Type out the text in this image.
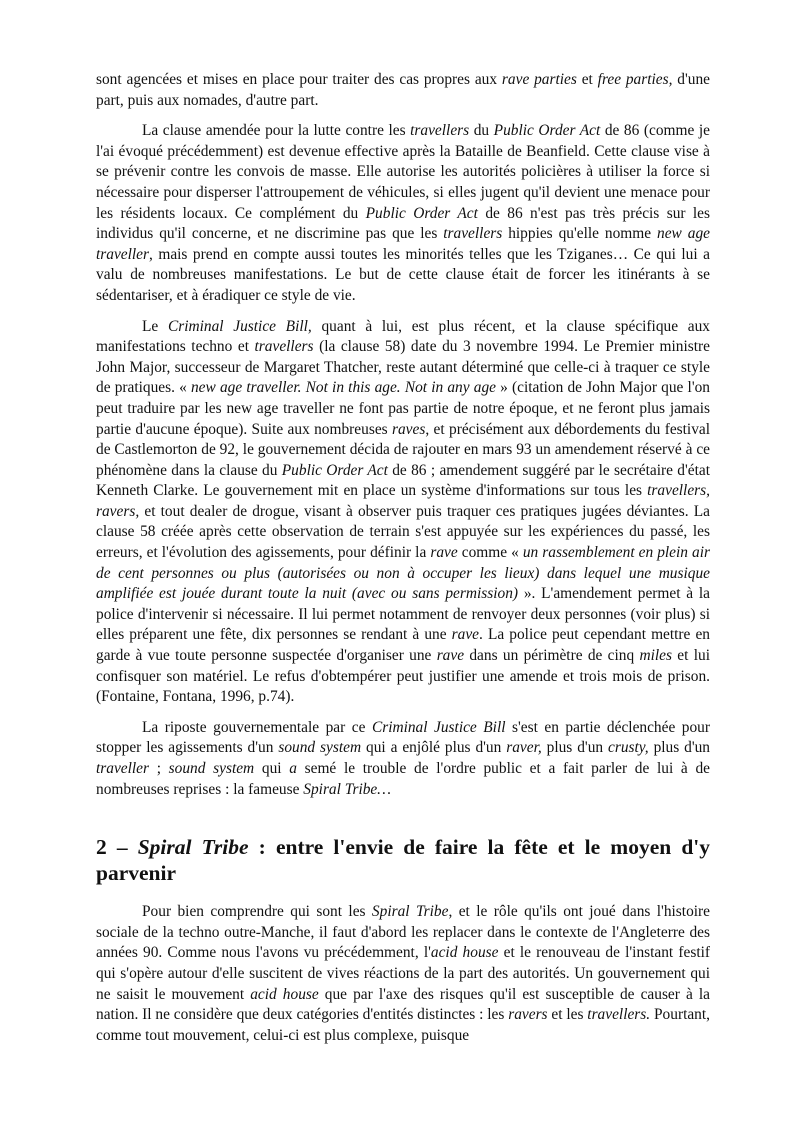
sont agencées et mises en place pour traiter des cas propres aux rave parties et free parties, d'une part, puis aux nomades, d'autre part.

La clause amendée pour la lutte contre les travellers du Public Order Act de 86 (comme je l'ai évoqué précédemment) est devenue effective après la Bataille de Beanfield. Cette clause vise à se prévenir contre les convois de masse. Elle autorise les autorités policières à utiliser la force si nécessaire pour disperser l'attroupement de véhicules, si elles jugent qu'il devient une menace pour les résidents locaux. Ce complément du Public Order Act de 86 n'est pas très précis sur les individus qu'il concerne, et ne discrimine pas que les travellers hippies qu'elle nomme new age traveller, mais prend en compte aussi toutes les minorités telles que les Tziganes… Ce qui lui a valu de nombreuses manifestations. Le but de cette clause était de forcer les itinérants à se sédentariser, et à éradiquer ce style de vie.

Le Criminal Justice Bill, quant à lui, est plus récent, et la clause spécifique aux manifestations techno et travellers (la clause 58) date du 3 novembre 1994. Le Premier ministre John Major, successeur de Margaret Thatcher, reste autant déterminé que celle-ci à traquer ce style de pratiques. « new age traveller. Not in this age. Not in any age » (citation de John Major que l'on peut traduire par les new age traveller ne font pas partie de notre époque, et ne feront plus jamais partie d'aucune époque). Suite aux nombreuses raves, et précisément aux débordements du festival de Castlemorton de 92, le gouvernement décida de rajouter en mars 93 un amendement réservé à ce phénomène dans la clause du Public Order Act de 86 ; amendement suggéré par le secrétaire d'état Kenneth Clarke. Le gouvernement mit en place un système d'informations sur tous les travellers, ravers, et tout dealer de drogue, visant à observer puis traquer ces pratiques jugées déviantes. La clause 58 créée après cette observation de terrain s'est appuyée sur les expériences du passé, les erreurs, et l'évolution des agissements, pour définir la rave comme « un rassemblement en plein air de cent personnes ou plus (autorisées ou non à occuper les lieux) dans lequel une musique amplifiée est jouée durant toute la nuit (avec ou sans permission) ». L'amendement permet à la police d'intervenir si nécessaire. Il lui permet notamment de renvoyer deux personnes (voir plus) si elles préparent une fête, dix personnes se rendant à une rave. La police peut cependant mettre en garde à vue toute personne suspectée d'organiser une rave dans un périmètre de cinq miles et lui confisquer son matériel. Le refus d'obtempérer peut justifier une amende et trois mois de prison. (Fontaine, Fontana, 1996, p.74).

La riposte gouvernementale par ce Criminal Justice Bill s'est en partie déclenchée pour stopper les agissements d'un sound system qui a enjôlé plus d'un raver, plus d'un crusty, plus d'un traveller ; sound system qui a semé le trouble de l'ordre public et a fait parler de lui à de nombreuses reprises : la fameuse Spiral Tribe…

2 – Spiral Tribe : entre l'envie de faire la fête et le moyen d'y parvenir

Pour bien comprendre qui sont les Spiral Tribe, et le rôle qu'ils ont joué dans l'histoire sociale de la techno outre-Manche, il faut d'abord les replacer dans le contexte de l'Angleterre des années 90. Comme nous l'avons vu précédemment, l'acid house et le renouveau de l'instant festif qui s'opère autour d'elle suscitent de vives réactions de la part des autorités. Un gouvernement qui ne saisit le mouvement acid house que par l'axe des risques qu'il est susceptible de causer à la nation. Il ne considère que deux catégories d'entités distinctes : les ravers et les travellers. Pourtant, comme tout mouvement, celui-ci est plus complexe, puisque
